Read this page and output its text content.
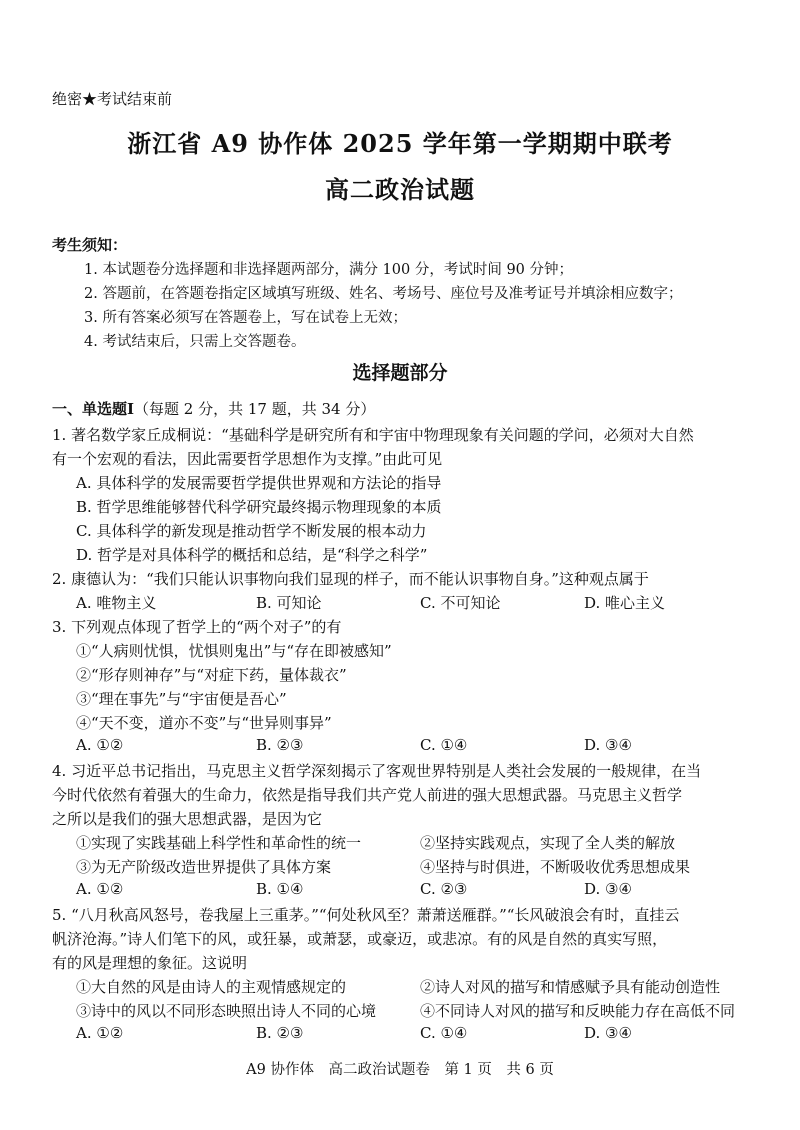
绝密★考试结束前
浙江省 A9 协作体 2025 学年第一学期期中联考
高二政治试题
考生须知：
1. 本试题卷分选择题和非选择题两部分，满分 100 分，考试时间 90 分钟；
2. 答题前，在答题卷指定区域填写班级、姓名、考场号、座位号及准考证号并填涂相应数字；
3. 所有答案必须写在答题卷上，写在试卷上无效；
4. 考试结束后，只需上交答题卷。
选择题部分
一、单选题Ⅰ（每题 2 分，共 17 题，共 34 分）
1. 著名数学家丘成桐说：“基础科学是研究所有和宇宙中物理现象有关问题的学问，必须对大自然
有一个宏观的看法，因此需要哲学思想作为支撑。”由此可见
A. 具体科学的发展需要哲学提供世界观和方法论的指导
B. 哲学思维能够替代科学研究最终揭示物理现象的本质
C. 具体科学的新发现是推动哲学不断发展的根本动力
D. 哲学是对具体科学的概括和总结，是“科学之科学”
2. 康德认为：“我们只能认识事物向我们显现的样子，而不能认识事物自身。”这种观点属于
A. 唯物主义	B. 可知论	C. 不可知论	D. 唯心主义
3. 下列观点体现了哲学上的“两个对子”的有
①“人病则忧惧，忧惧则鬼出”与“存在即被感知”
②“形存则神存”与“对症下药，量体裁衣”
③“理在事先”与“宇宙便是吾心”
④“天不变，道亦不变”与“世异则事异”
A. ①②	B. ②③	C. ①④	D. ③④
4. 习近平总书记指出，马克思主义哲学深刻揭示了客观世界特别是人类社会发展的一般规律，在当
今时代依然有着强大的生命力，依然是指导我们共产党人前进的强大思想武器。马克思主义哲学
之所以是我们的强大思想武器，是因为它
①实现了实践基础上科学性和革命性的统一	②坚持实践观点，实现了全人类的解放
③为无产阶级改造世界提供了具体方案	④坚持与时俱进，不断吸收优秀思想成果
A. ①②	B. ①④	C. ②③	D. ③④
5. “八月秋高风怒号，卷我屋上三重茅。”“何处秋风至？萧萧送雁群。”“长风破浪会有时，直挂云
帆济沧海。”诗人们笔下的风，或狂暴，或萧瑟，或豪迈，或悲凉。有的风是自然的真实写照，
有的风是理想的象征。这说明
①大自然的风是由诗人的主观情感规定的	②诗人对风的描写和情感赋予具有能动创造性
③诗中的风以不同形态映照出诗人不同的心境	④不同诗人对风的描写和反映能力存在高低不同
A. ①②	B. ②③	C. ①④	D. ③④
A9 协作体　高二政治试题卷　第 1 页　共 6 页
